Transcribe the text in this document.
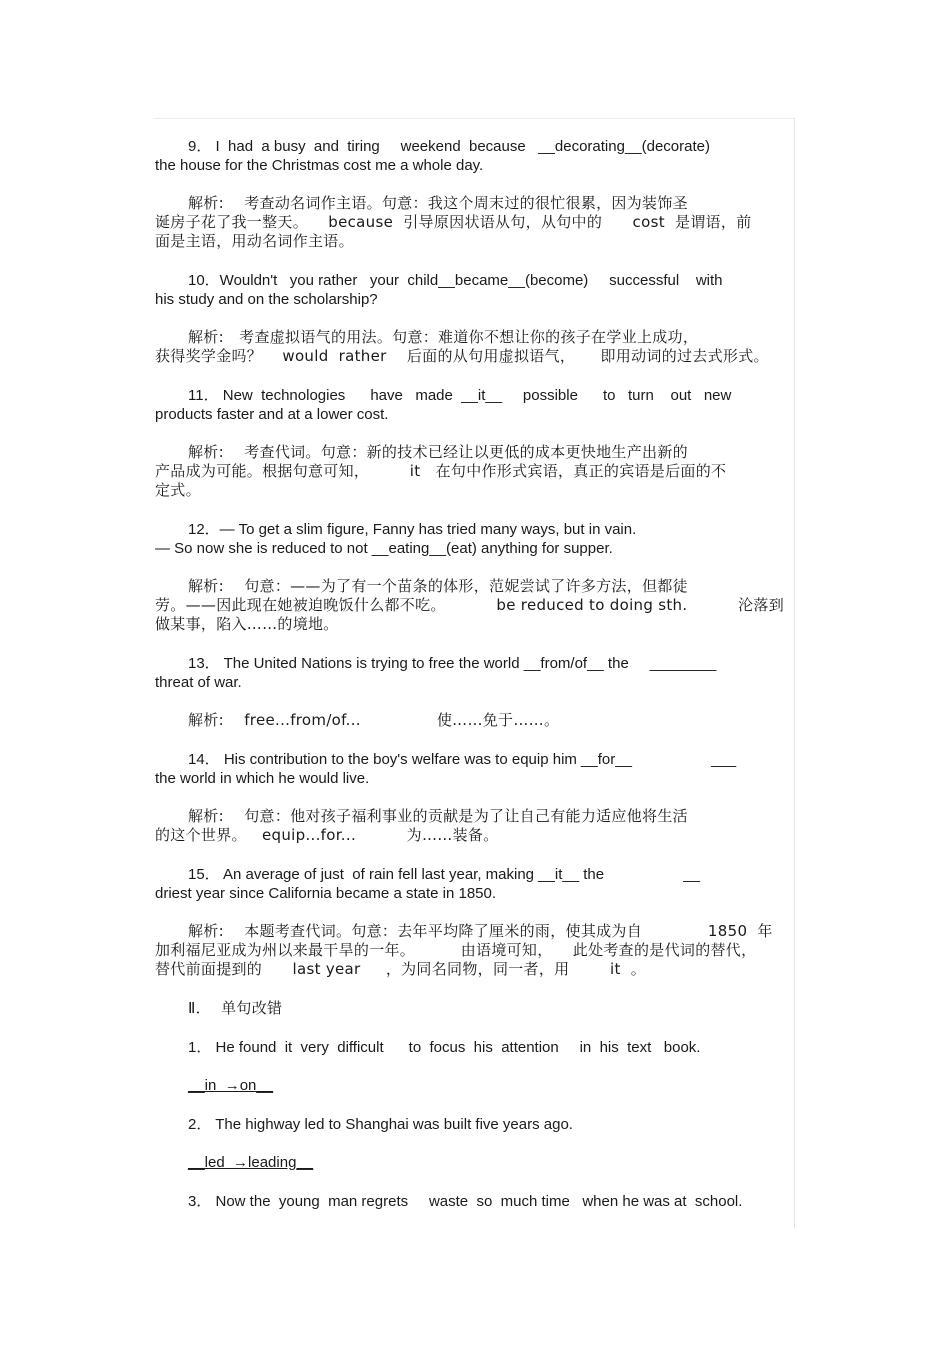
9． I  had  a busy  and  tiring     weekend  because   __decorating__(decorate)
the house for the Christmas cost me a whole day.
解析:    考查动名词作主语。句意：我这个周末过的很忙很累，因为装饰圣
诞房子花了我一整天。    because  引导原因状语从句，从句中的      cost  是谓语，前
面是主语，用动名词作主语。
10．Wouldn't   you rather   your  child__became__(become)     successful    with
his study and on the scholarship?
解析:   考查虚拟语气的用法。句意：难道你不想让你的孩子在学业上成功，
获得奖学金吗？    would  rather    后面的从句用虚拟语气，     即用动词的过去式形式。
11． New  technologies      have   made  __it__     possible      to   turn    out   new
products faster and at a lower cost.
解析:    考查代词。句意：新的技术已经让以更低的成本更快地生产出新的
产品成为可能。根据句意可知，        it   在句中作形式宾语，真正的宾语是后面的不
定式。
12．— To get a slim figure, Fanny has tried many ways, but in vain.
— So now she is reduced to not __eating__(eat) anything for supper.
解析:    句意：——为了有一个苗条的体形，范妮尝试了许多方法，但都徒
劳。——因此现在她被迫晚饭什么都不吃。          be reduced to doing sth.          沦落到
做某事，陷入……的境地。
13． The United Nations is trying to free the world __from/of__ the     ________
threat of war.
解析:    free...from/of...               使……免于……。
14． His contribution to the boy's welfare was to equip him __for__                   ___
the world in which he would live.
解析:    句意：他对孩子福利事业的贡献是为了让自己有能力适应他将生活
的这个世界。   equip...for...          为……装备。
15． An average of just  of rain fell last year, making __it__ the                   __
driest year since California became a state in 1850.
解析:    本题考查代词。句意：去年平均降了厘米的雨，使其成为自             1850  年
加利福尼亚成为州以来最干旱的一年。         由语境可知，    此处考查的是代词的替代，
替代前面提到的      last year     ，为同名同物，同一者，用        it  。
Ⅱ．  单句改错
1． He found  it  very  difficult      to  focus  his  attention     in  his  text   book.
__in  →on__
2． The highway led to Shanghai was built five years ago.
__led  →leading__
3． Now the  young  man regrets     waste  so  much time   when he was at  school.
